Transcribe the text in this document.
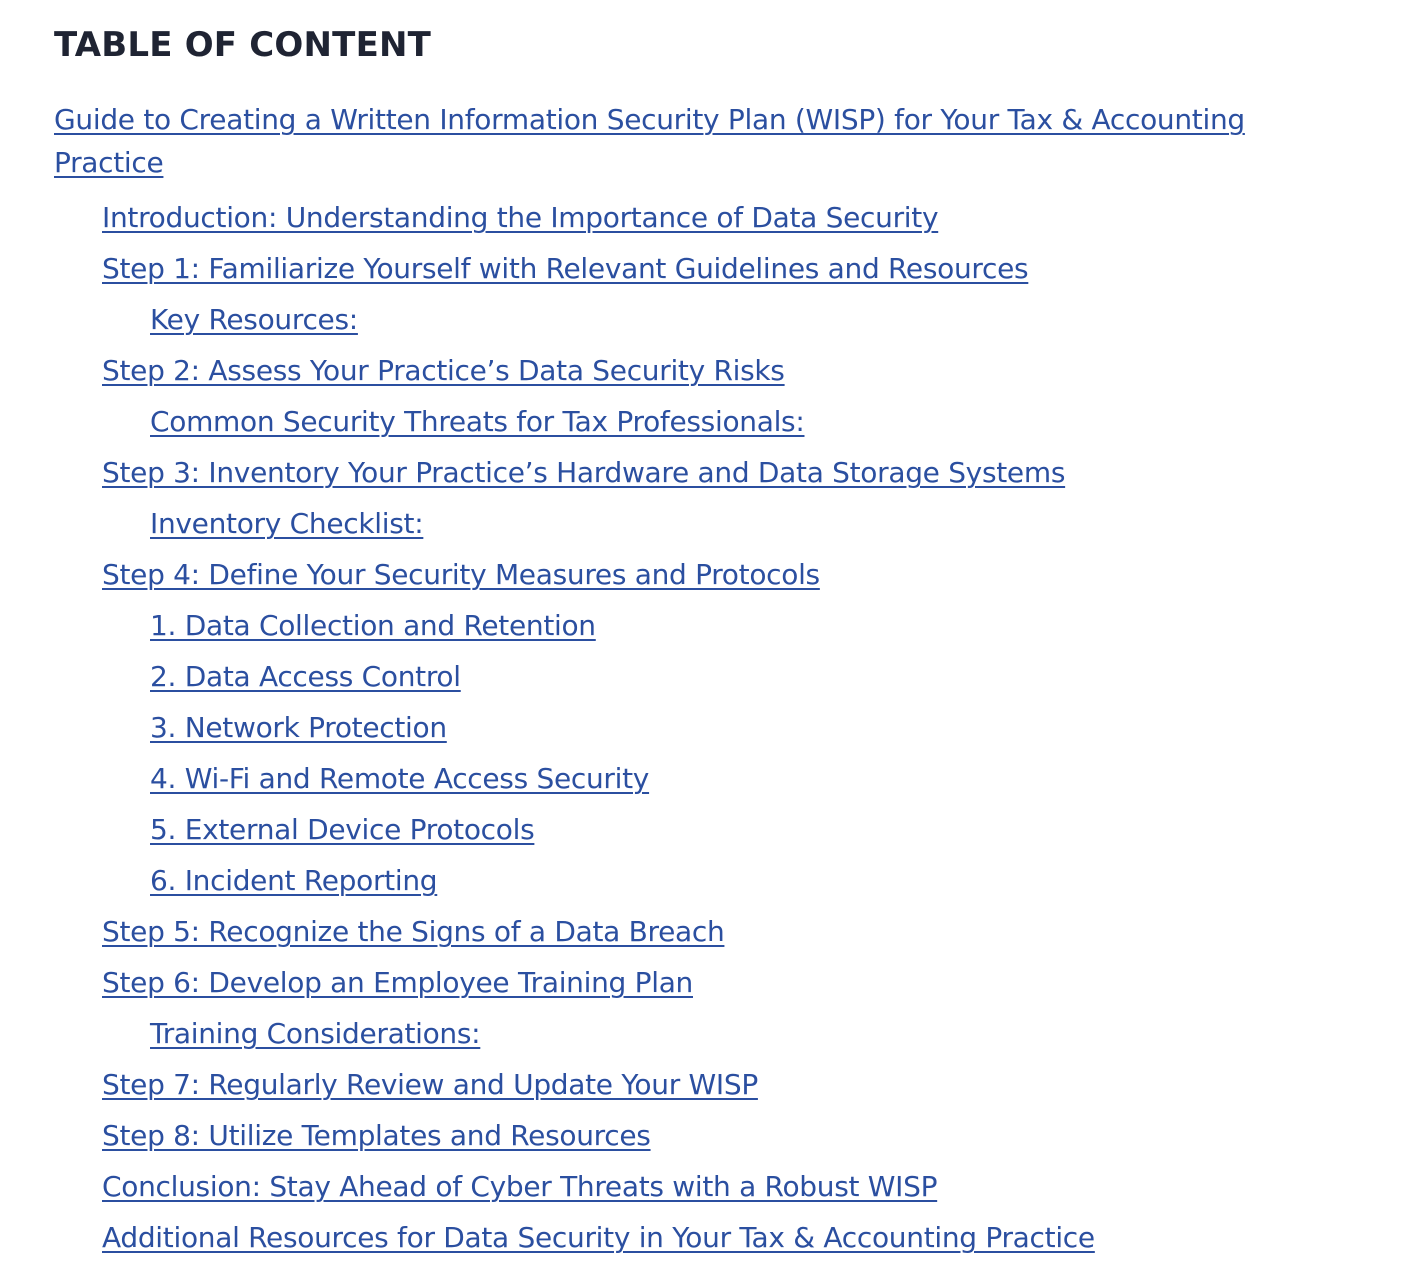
TABLE OF CONTENT
Guide to Creating a Written Information Security Plan (WISP) for Your Tax & Accounting Practice
Introduction: Understanding the Importance of Data Security
Step 1: Familiarize Yourself with Relevant Guidelines and Resources
Key Resources:
Step 2: Assess Your Practice’s Data Security Risks
Common Security Threats for Tax Professionals:
Step 3: Inventory Your Practice’s Hardware and Data Storage Systems
Inventory Checklist:
Step 4: Define Your Security Measures and Protocols
1. Data Collection and Retention
2. Data Access Control
3. Network Protection
4. Wi-Fi and Remote Access Security
5. External Device Protocols
6. Incident Reporting
Step 5: Recognize the Signs of a Data Breach
Step 6: Develop an Employee Training Plan
Training Considerations:
Step 7: Regularly Review and Update Your WISP
Step 8: Utilize Templates and Resources
Conclusion: Stay Ahead of Cyber Threats with a Robust WISP
Additional Resources for Data Security in Your Tax & Accounting Practice
